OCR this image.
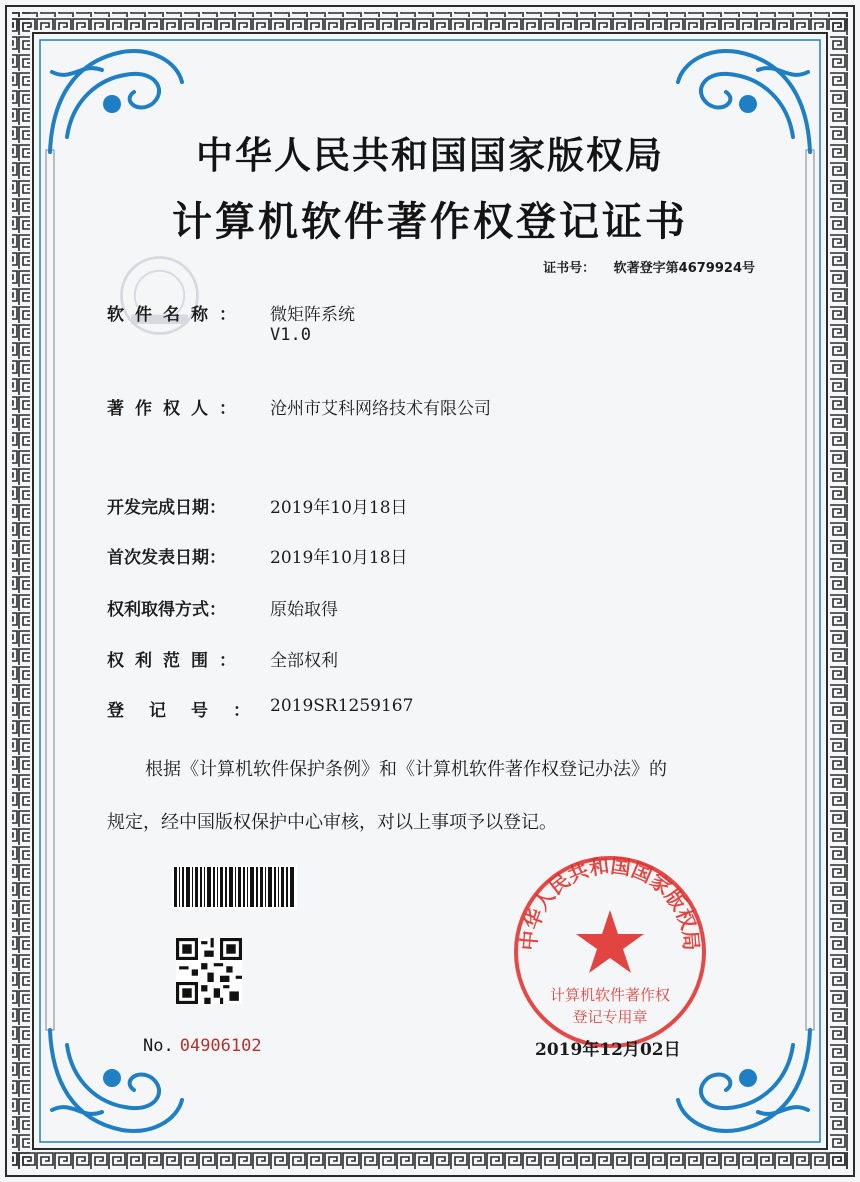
中华人民共和国国家版权局
计算机软件著作权登记证书
证书号： 软著登字第4679924号
软件名称： 微矩阵系统
V1.0
著作权人： 沧州市艾科网络技术有限公司
开发完成日期：	2019年10月18日
首次发表日期：	2019年10月18日
权利取得方式：	原始取得
权利范围： 全部权利
登记号：
2019SR1259167
根据《计算机软件保护条例》和《计算机软件著作权登记办法》的
规定，经中国版权保护中心审核，对以上事项予以登记。
No. 04906102
中华人民共和国国家版权局
计算机软件著作权
登记专用章
2019年12月02日
